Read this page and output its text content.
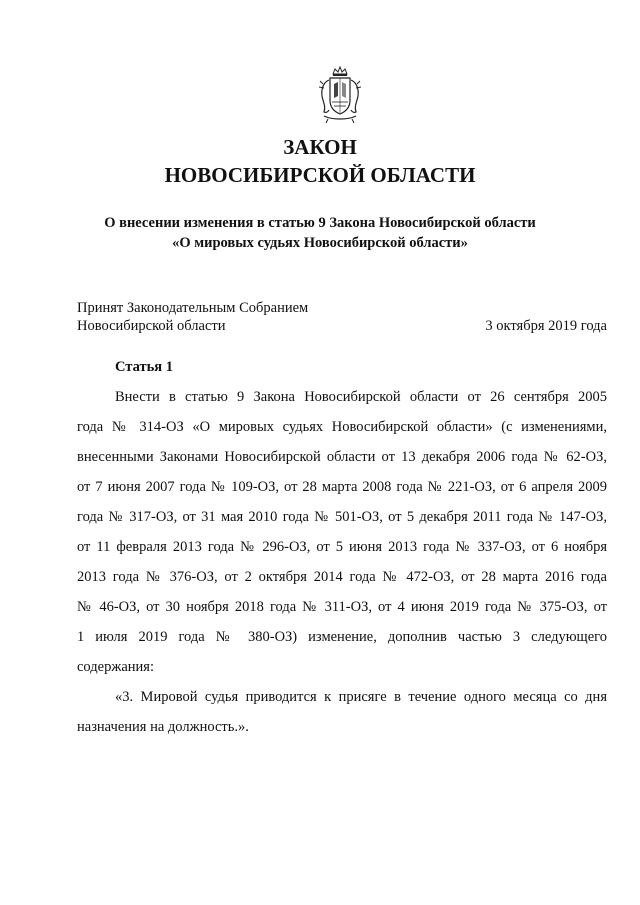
ЗАКОН
НОВОСИБИРСКОЙ ОБЛАСТИ
О внесении изменения в статью 9 Закона Новосибирской области
«О мировых судьях Новосибирской области»
Принят Законодательным Собранием
Новосибирской области	3 октября 2019 года
Статья 1
Внести в статью 9 Закона Новосибирской области от 26 сентября 2005
года № 314-ОЗ «О мировых судьях Новосибирской области» (с изменениями,
внесенными Законами Новосибирской области от 13 декабря 2006 года № 62-ОЗ,
от 7 июня 2007 года № 109-ОЗ, от 28 марта 2008 года № 221-ОЗ, от 6 апреля 2009
года № 317-ОЗ, от 31 мая 2010 года № 501-ОЗ, от 5 декабря 2011 года № 147-ОЗ,
от 11 февраля 2013 года № 296-ОЗ, от 5 июня 2013 года № 337-ОЗ, от 6 ноября
2013 года № 376-ОЗ, от 2 октября 2014 года № 472-ОЗ, от 28 марта 2016 года
№ 46-ОЗ, от 30 ноября 2018 года № 311-ОЗ, от 4 июня 2019 года № 375-ОЗ, от
1 июля 2019 года № 380-ОЗ) изменение, дополнив частью 3 следующего
содержания:
«3. Мировой судья приводится к присяге в течение одного месяца со дня
назначения на должность.».
